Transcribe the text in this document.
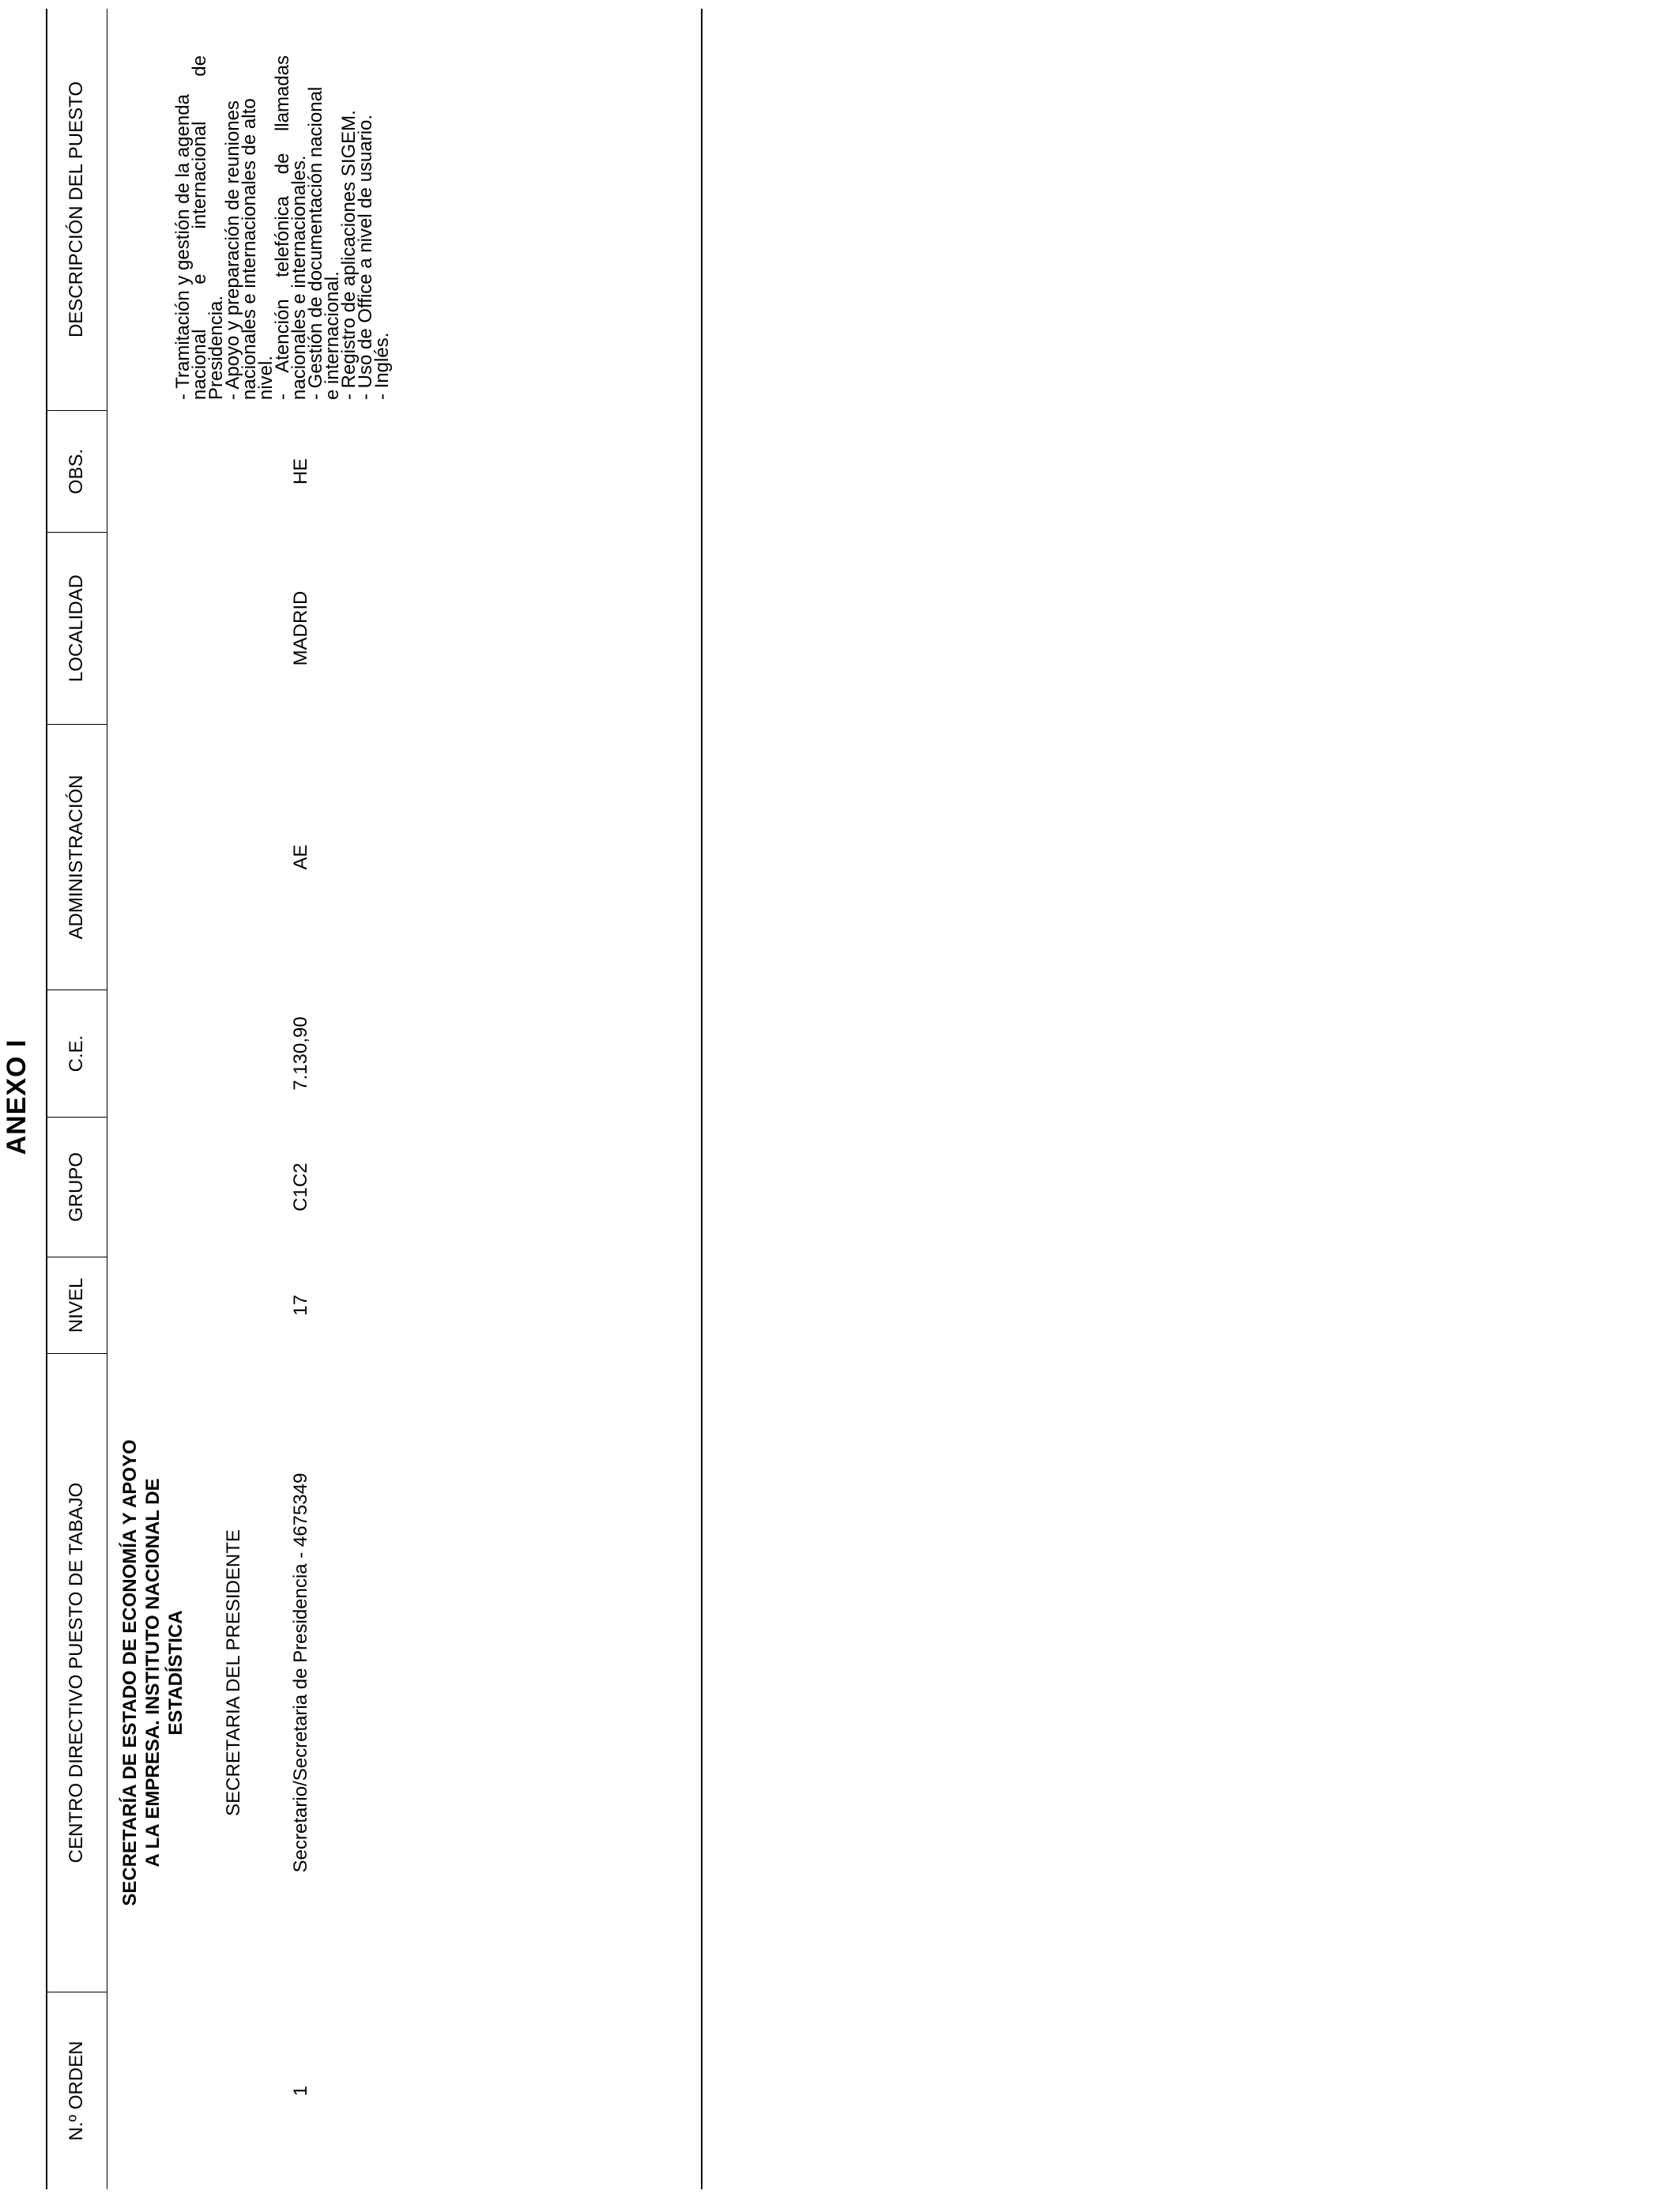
ANEXO I
N.º ORDEN
CENTRO DIRECTIVO PUESTO DE TABAJO
NIVEL
GRUPO
C.E.
ADMINISTRACIÓN
LOCALIDAD
OBS.
DESCRIPCIÓN DEL PUESTO
SECRETARÍA DE ESTADO DE ECONOMÍA Y APOYO A LA EMPRESA. INSTITUTO NACIONAL DE ESTADÍSTICA SECRETARIA DEL PRESIDENTE
1
Secretario/Secretaria de Presidencia - 4675349
17
C1C2
7.130,90
AE
MADRID
HE
- Tramitación y gestión de la agenda
nacional e internacional de
Presidencia.
- Apoyo y preparación de reuniones
nacionales e internacionales de alto
nivel.
- Atención telefónica de llamadas
nacionales e internacionales.
- Gestión de documentación nacional
e internacional.
- Registro de aplicaciones SIGEM.
- Uso de Office a nivel de usuario.
- Inglés.
